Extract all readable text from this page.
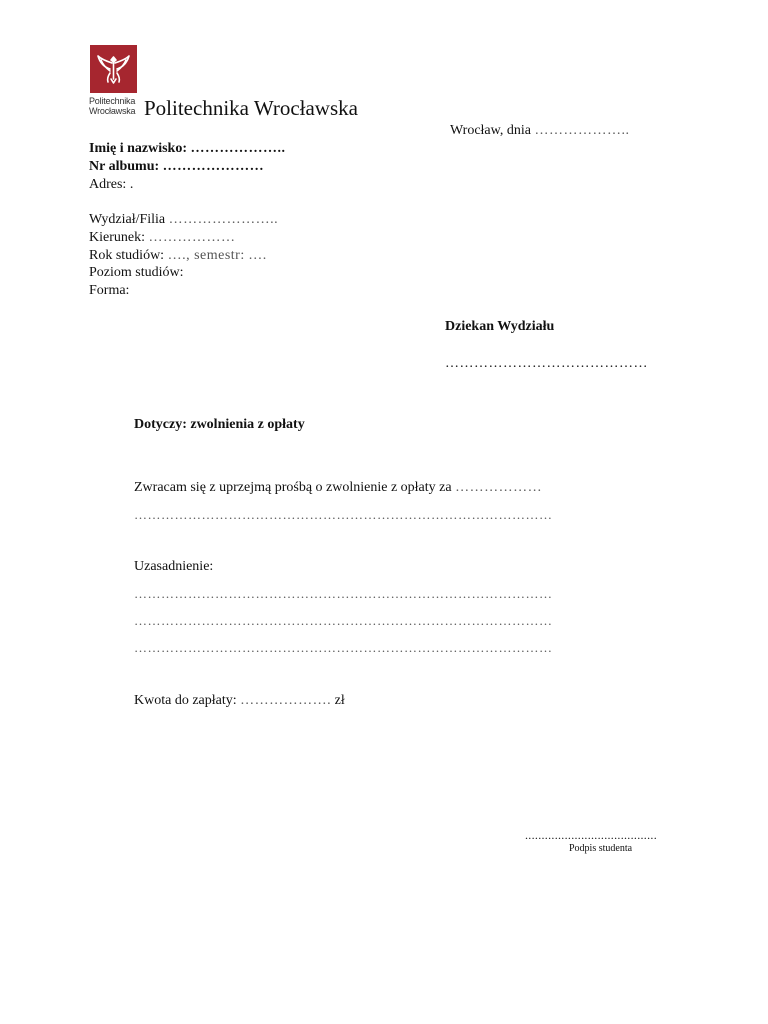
Politechnika
Wrocławska Politechnika Wrocławska
Wrocław, dnia ………………..
Imię i nazwisko: ………………..
Nr albumu: …………………
Adres: .
Wydział/Filia …………………..
Kierunek: ………………
Rok studiów: …., semestr: ….
Poziom studiów:
Forma:
Dziekan Wydziału
……………………………………
Dotyczy: zwolnienia z opłaty
Zwracam się z uprzejmą prośbą o zwolnienie z opłaty za ………………
…………………………………………………………………………………
Uzasadnienie:
…………………………………………………………………………………
…………………………………………………………………………………
…………………………………………………………………………………
Kwota do zapłaty: ………………. zł
........................................
Podpis studenta
